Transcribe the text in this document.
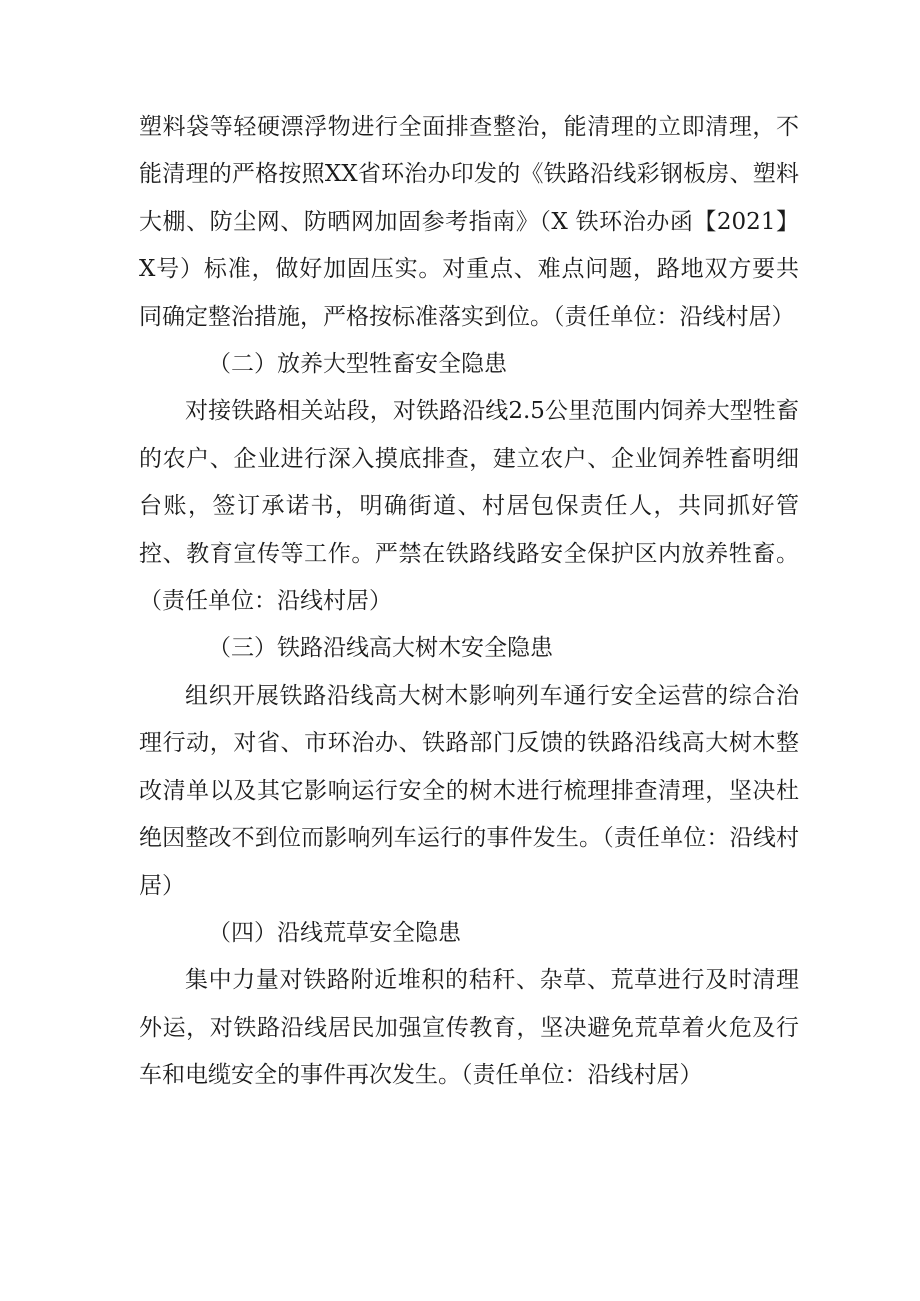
塑料袋等轻硬漂浮物进行全面排查整治，能清理的立即清理，不能清理的严格按照XX省环治办印发的《铁路沿线彩钢板房、塑料大棚、防尘网、防晒网加固参考指南》（X 铁环治办函【2021】X号）标准，做好加固压实。对重点、难点问题，路地双方要共同确定整治措施，严格按标准落实到位。（责任单位：沿线村居）

（二）放养大型牲畜安全隐患

对接铁路相关站段，对铁路沿线2.5公里范围内饲养大型牲畜的农户、企业进行深入摸底排查，建立农户、企业饲养牲畜明细台账，签订承诺书，明确街道、村居包保责任人，共同抓好管控、教育宣传等工作。严禁在铁路线路安全保护区内放养牲畜。（责任单位：沿线村居）

（三）铁路沿线高大树木安全隐患

组织开展铁路沿线高大树木影响列车通行安全运营的综合治理行动，对省、市环治办、铁路部门反馈的铁路沿线高大树木整改清单以及其它影响运行安全的树木进行梳理排查清理，坚决杜绝因整改不到位而影响列车运行的事件发生。（责任单位：沿线村居）

（四）沿线荒草安全隐患

集中力量对铁路附近堆积的秸秆、杂草、荒草进行及时清理外运，对铁路沿线居民加强宣传教育，坚决避免荒草着火危及行车和电缆安全的事件再次发生。（责任单位：沿线村居）
